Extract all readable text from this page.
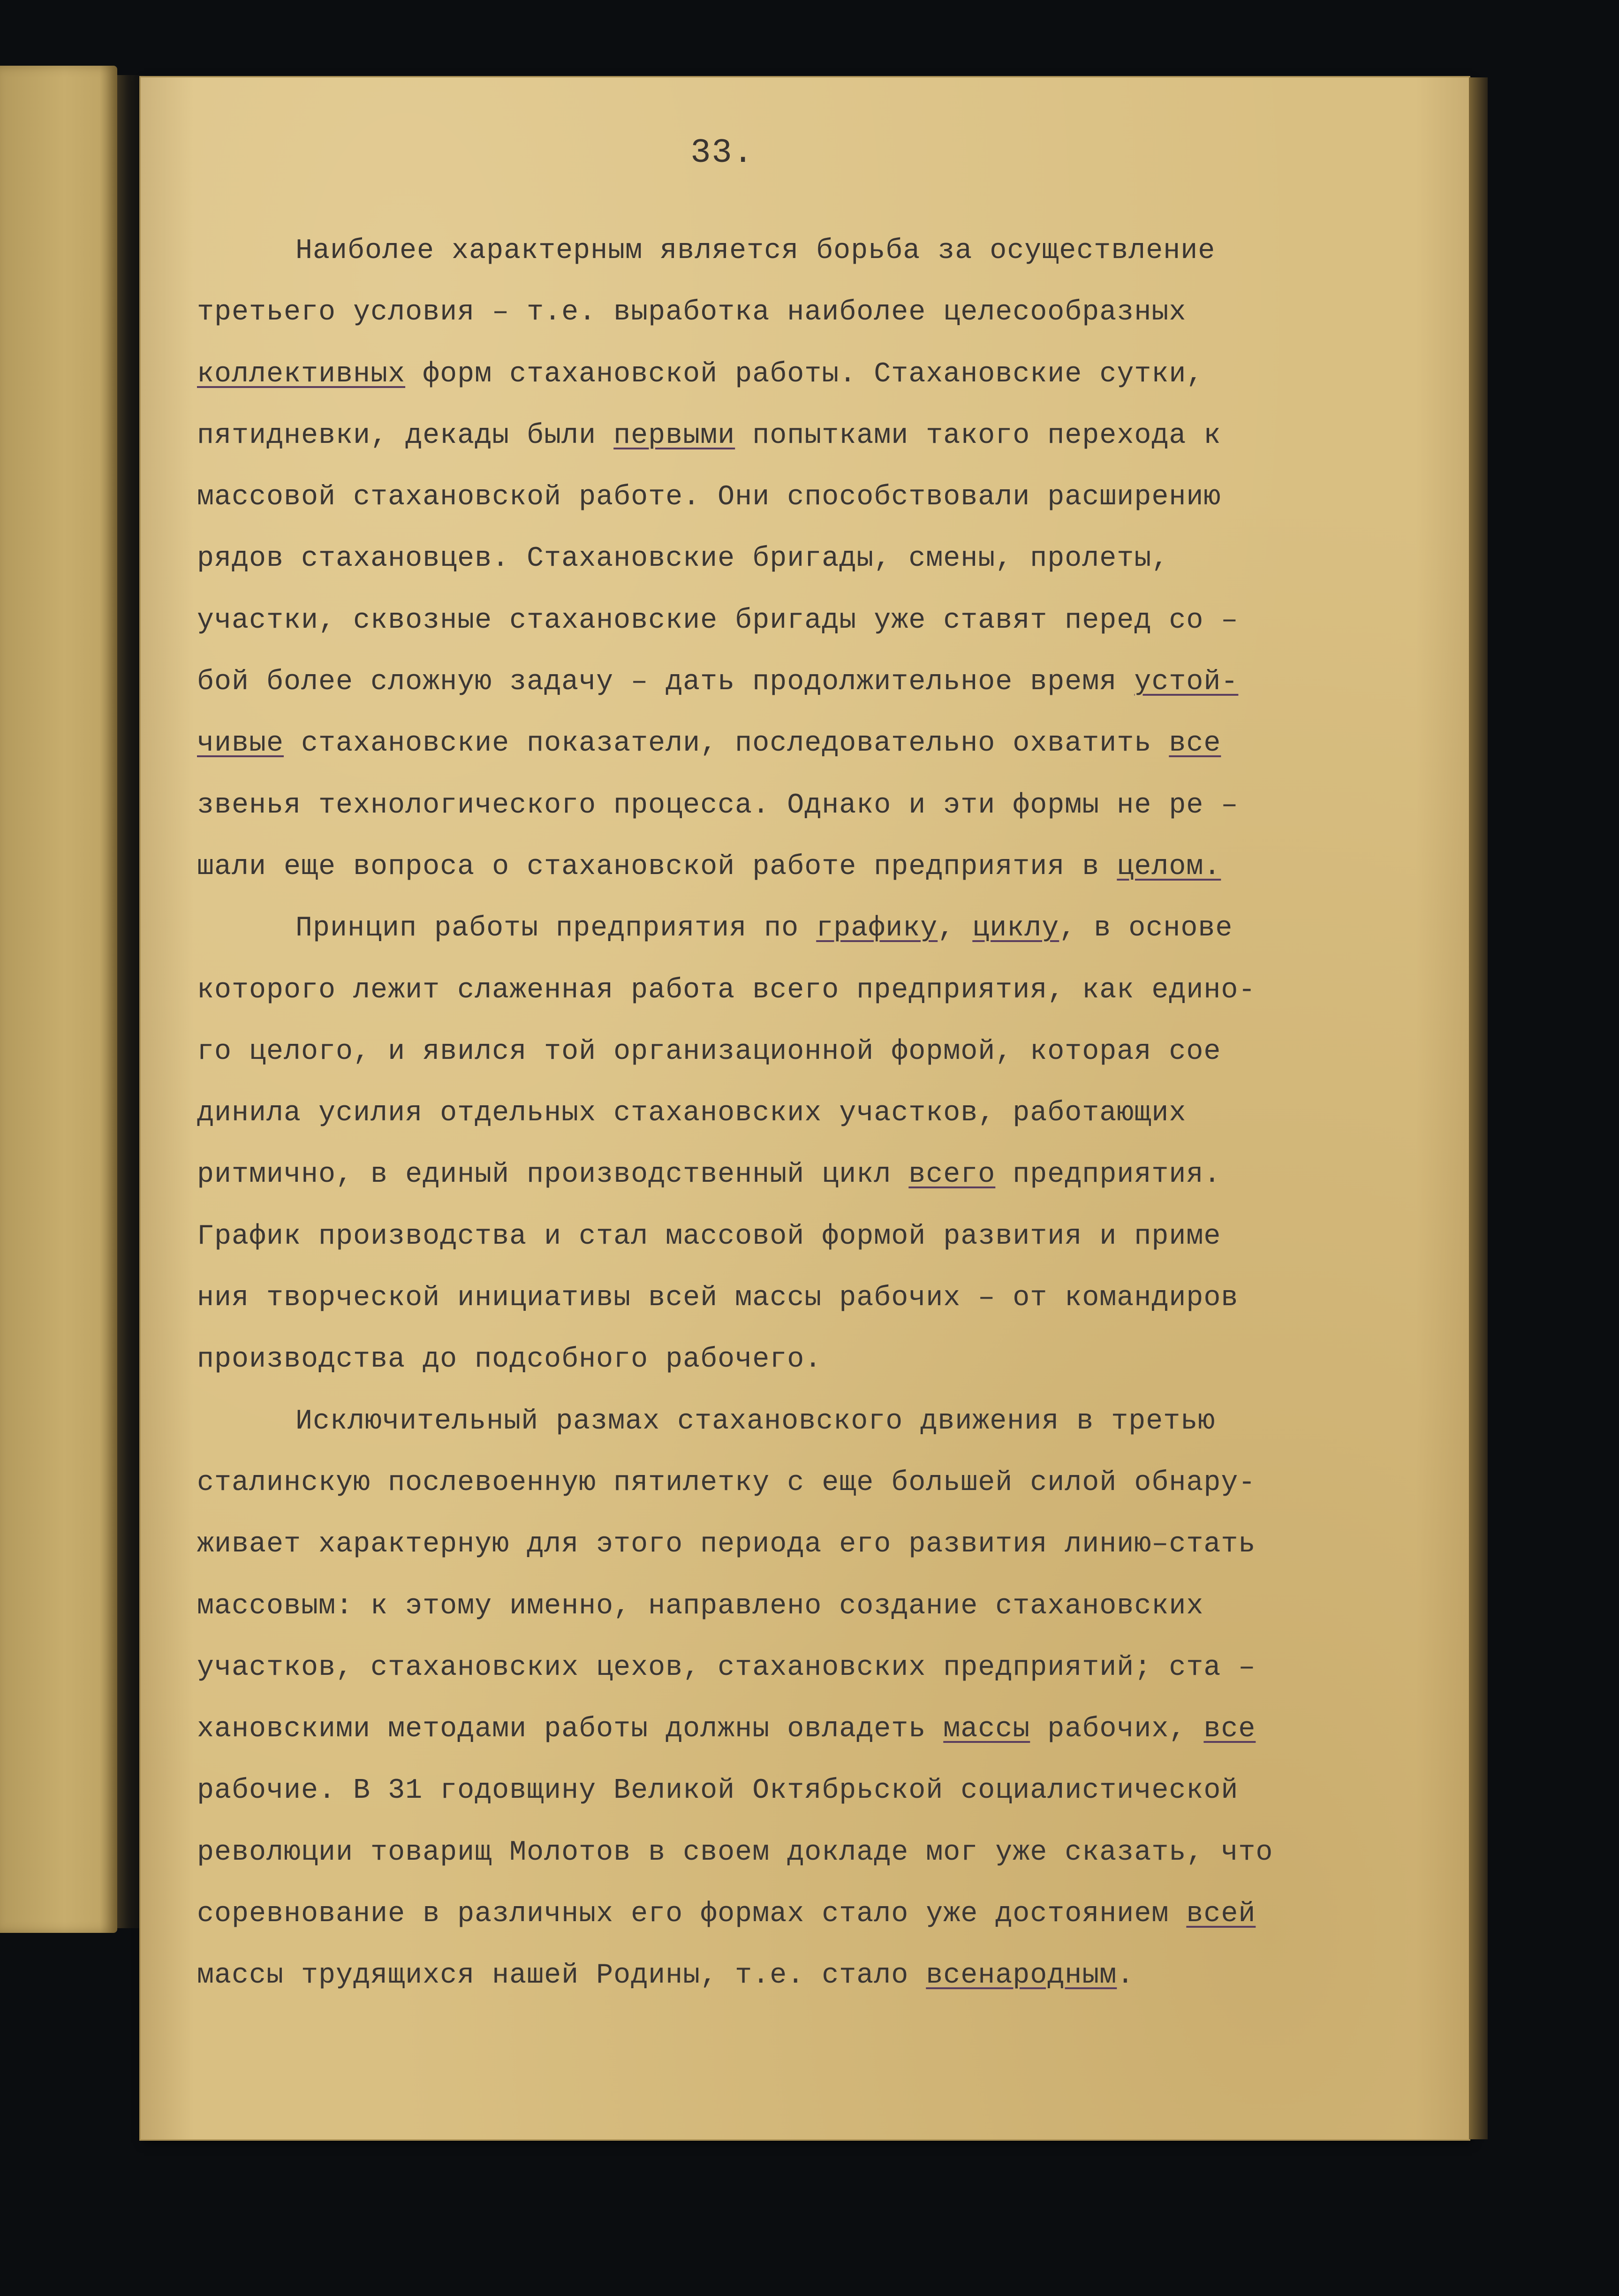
33.
Наиболее характерным является борьба за осуществление
третьего условия – т.е. выработка наиболее целесообразных
коллективных форм стахановской работы. Стахановские сутки,
пятидневки, декады были первыми попытками такого перехода к
массовой стахановской работе. Они способствовали расширению
рядов стахановцев. Стахановские бригады, смены, пролеты,
участки, сквозные стахановские бригады уже ставят перед со –
бой более сложную задачу – дать продолжительное время устой-
чивые стахановские показатели, последовательно охватить все
звенья технологического процесса. Однако и эти формы не ре –
шали еще вопроса о стахановской работе предприятия в целом.
Принцип работы предприятия по графику, циклу, в основе
которого лежит слаженная работа всего предприятия, как едино-
го целого, и явился той организационной формой, которая сое
динила усилия отдельных стахановских участков, работающих
ритмично, в единый производственный цикл всего предприятия.
График производства и стал массовой формой развития и приме
ния творческой инициативы всей массы рабочих – от командиров
производства до подсобного рабочего.
Исключительный размах стахановского движения в третью
сталинскую послевоенную пятилетку с еще большей силой обнару-
живает характерную для этого периода его развития линию–стать
массовым: к этому именно, направлено создание стахановских
участков, стахановских цехов, стахановских предприятий; ста –
хановскими методами работы должны овладеть массы рабочих, все
рабочие. В 31 годовщину Великой Октябрьской социалистической
революции товарищ Молотов в своем докладе мог уже сказать, что
соревнование в различных его формах стало уже достоянием всей
массы трудящихся нашей Родины, т.е. стало всенародным.
